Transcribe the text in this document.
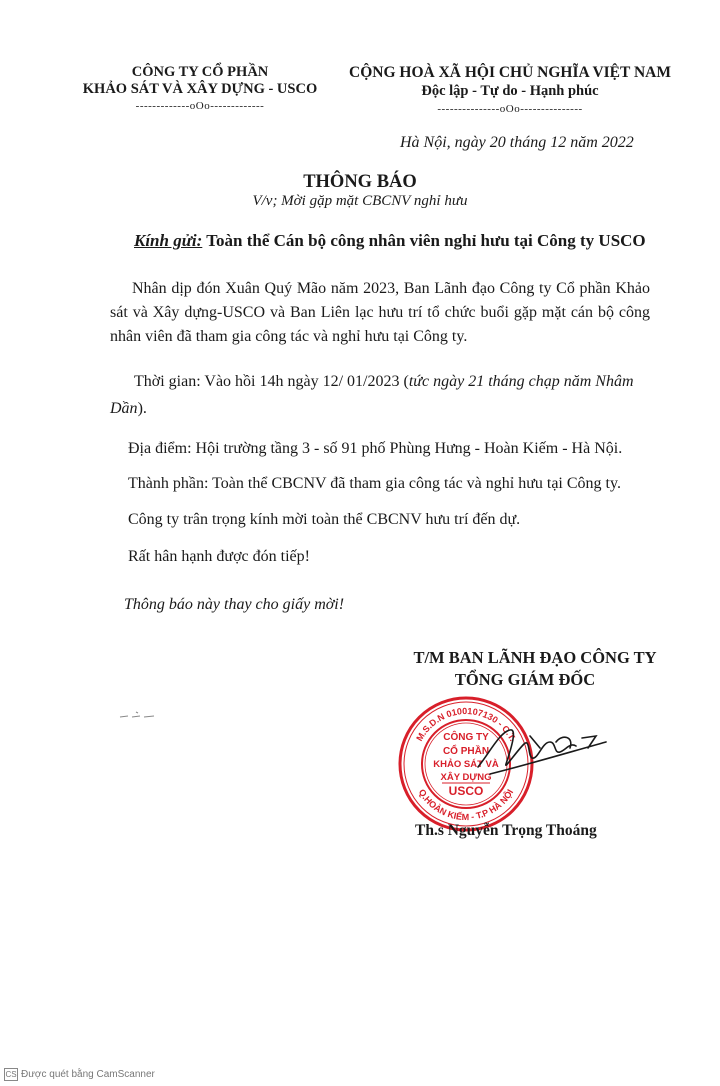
CÔNG TY CỔ PHẦN
KHẢO SÁT VÀ XÂY DỰNG - USCO
-------------oOo-------------
CỘNG HOÀ XÃ HỘI CHỦ NGHĨA VIỆT NAM
Độc lập - Tự do - Hạnh phúc
---------------oOo---------------
Hà Nội, ngày 20 tháng 12 năm 2022
THÔNG BÁO
V/v; Mời gặp mặt CBCNV nghỉ hưu
Kính gửi: Toàn thể Cán bộ công nhân viên nghỉ hưu tại Công ty USCO
Nhân dịp đón Xuân Quý Mão năm 2023, Ban Lãnh đạo Công ty Cổ phần Khảo sát và Xây dựng-USCO và Ban Liên lạc hưu trí tổ chức buổi gặp mặt cán bộ công nhân viên đã tham gia công tác và nghỉ hưu tại Công ty.
Thời gian: Vào hồi 14h ngày 12/ 01/2023 (tức ngày 21 tháng chạp năm Nhâm
Dần).
Địa điểm: Hội trường tầng 3 - số 91 phố Phùng Hưng - Hoàn Kiếm - Hà Nội.
Thành phần: Toàn thể CBCNV đã tham gia công tác và nghỉ hưu tại Công ty.
Công ty trân trọng kính mời toàn thể CBCNV hưu trí đến dự.
Rất hân hạnh được đón tiếp!
Thông báo này thay cho giấy mời!
T/M BAN LÃNH ĐẠO CÔNG TY
TỔNG GIÁM ĐỐC
M.S.D.N 0100107130 - C.T.
Q.HOÀN KIẾM - T.P HÀ NỘI
CÔNG TY
CỔ PHẦN
KHẢO SÁT VÀ
XÂY DỰNG
USCO
Th.s Nguyễn Trọng Thoáng
CS Được quét bằng CamScanner
